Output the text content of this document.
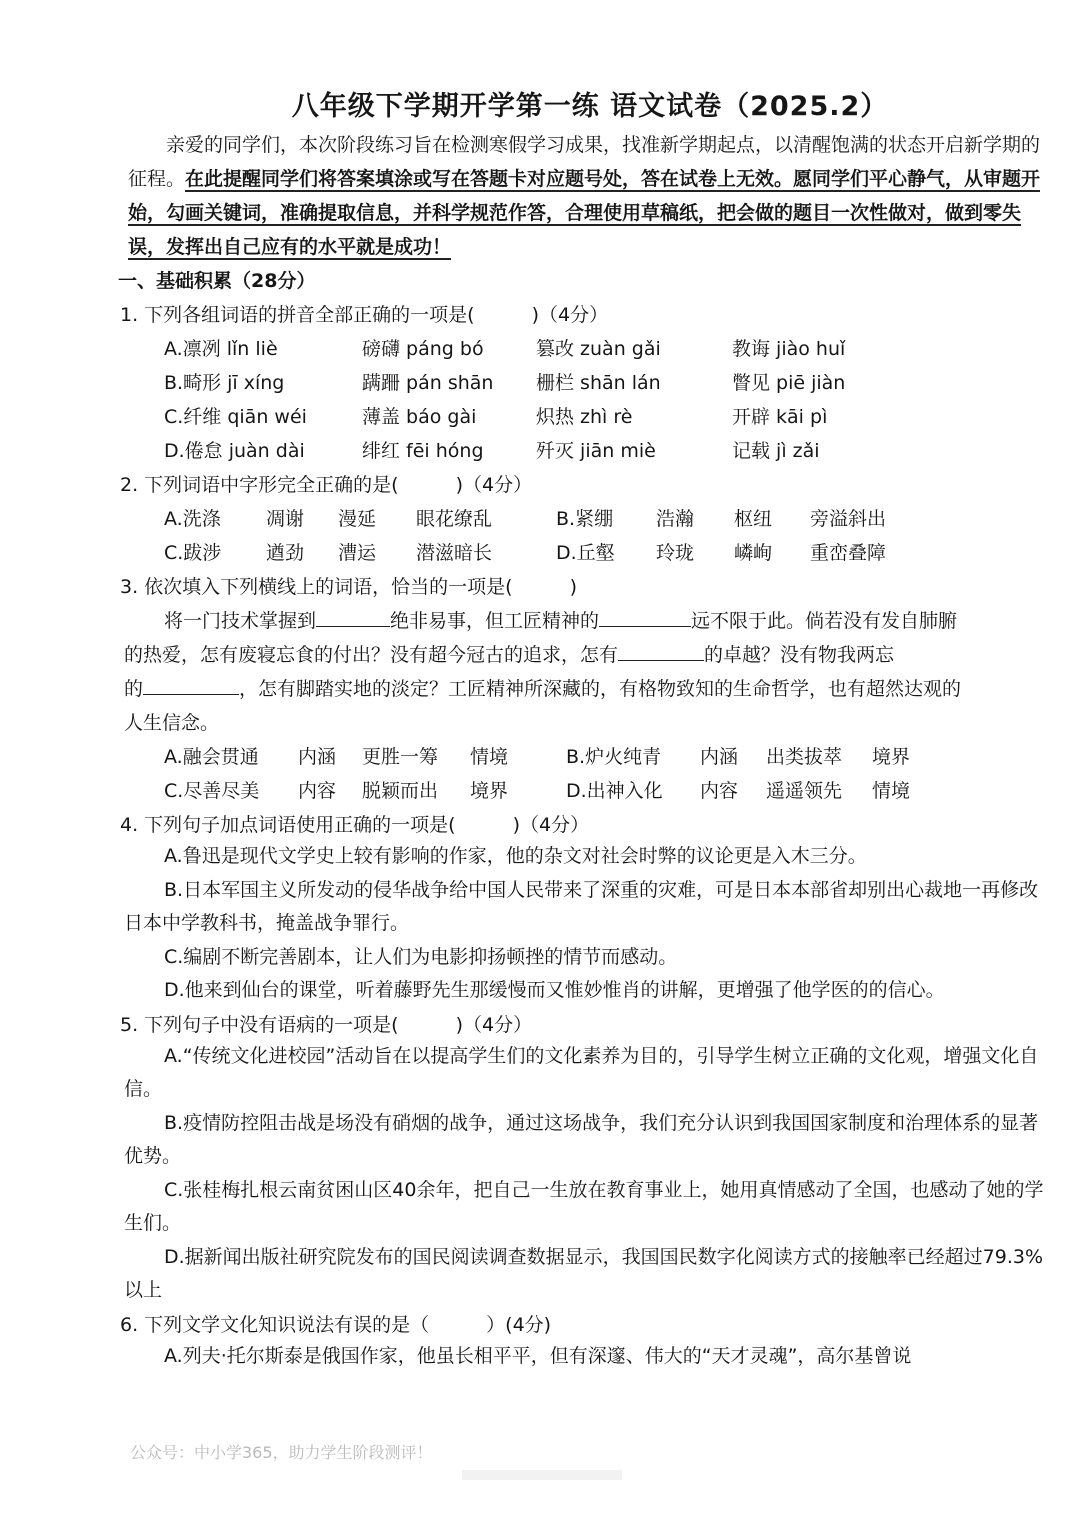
八年级下学期开学第一练 语文试卷（2025.2）

亲爱的同学们，本次阶段练习旨在检测寒假学习成果，找准新学期起点，以清醒饱满的状态开启新学期的征程。在此提醒同学们将答案填涂或写在答题卡对应题号处，答在试卷上无效。愿同学们平心静气，从审题开始，勾画关键词，准确提取信息，并科学规范作答，合理使用草稿纸，把会做的题目一次性做对，做到零失误，发挥出自己应有的水平就是成功！

一、基础积累（28分）
1. 下列各组词语的拼音全部正确的一项是(　　　)（4分）
A.凛冽 lǐn liè	磅礴 páng bó	篡改 zuàn gǎi	教诲 jiào huǐ
B.畸形 jī xíng	蹒跚 pán shān 栅栏 shān lán	瞥见 piē jiàn
C.纤维 qiān wéi	薄盖 báo gài	炽热 zhì rè	开辟 kāi pì
D.倦怠 juàn dài	绯红 fēi hóng	歼灭 jiān miè	记载 jì zǎi
2. 下列词语中字形完全正确的是(　　　)（4分）
A.洗涤 凋谢 漫延 眼花缭乱	B.紧绷 浩瀚 枢纽 旁溢斜出
C.跋涉 遒劲 漕运 潜滋暗长	D.丘壑 玲珑 嶙峋 重峦叠障
3. 依次填入下列横线上的词语，恰当的一项是(　　　)
将一门技术掌握到	绝非易事，但工匠精神的	远不限于此。倘若没有发自肺腑
的热爱，怎有废寝忘食的付出？没有超今冠古的追求，怎有	的卓越？没有物我两忘
的	，怎有脚踏实地的淡定？工匠精神所深藏的，有格物致知的生命哲学，也有超然达观的
人生信念。
A.融会贯通 内涵 更胜一筹 情境	B.炉火纯青 内涵 出类拔萃 境界
C.尽善尽美 内容 脱颖而出 境界	D.出神入化 内容 遥遥领先 情境
4. 下列句子加点词语使用正确的一项是(　　　)（4分）
A.鲁迅是现代文学史上较有影响的作家，他的杂文对社会时弊的议论更是入木三分。
B.日本军国主义所发动的侵华战争给中国人民带来了深重的灾难，可是日本本部省却别出心裁地一再修改日本中学教科书，掩盖战争罪行。
C.编剧不断完善剧本，让人们为电影抑扬顿挫的情节而感动。
D.他来到仙台的课堂，听着藤野先生那缓慢而又惟妙惟肖的讲解，更增强了他学医的的信心。
5. 下列句子中没有语病的一项是(　　　)（4分）
A.“传统文化进校园”活动旨在以提高学生们的文化素养为目的，引导学生树立正确的文化观，增强文化自信。
B.疫情防控阻击战是场没有硝烟的战争，通过这场战争，我们充分认识到我国国家制度和治理体系的显著优势。
C.张桂梅扎根云南贫困山区40余年，把自己一生放在教育事业上，她用真情感动了全国，也感动了她的学生们。
D.据新闻出版社研究院发布的国民阅读调查数据显示，我国国民数字化阅读方式的接触率已经超过79.3%以上
6. 下列文学文化知识说法有误的是（　　　）(4分)
A.列夫·托尔斯泰是俄国作家，他虽长相平平，但有深邃、伟大的“天才灵魂”，高尔基曾说
公众号：中小学365，助力学生阶段测评！
